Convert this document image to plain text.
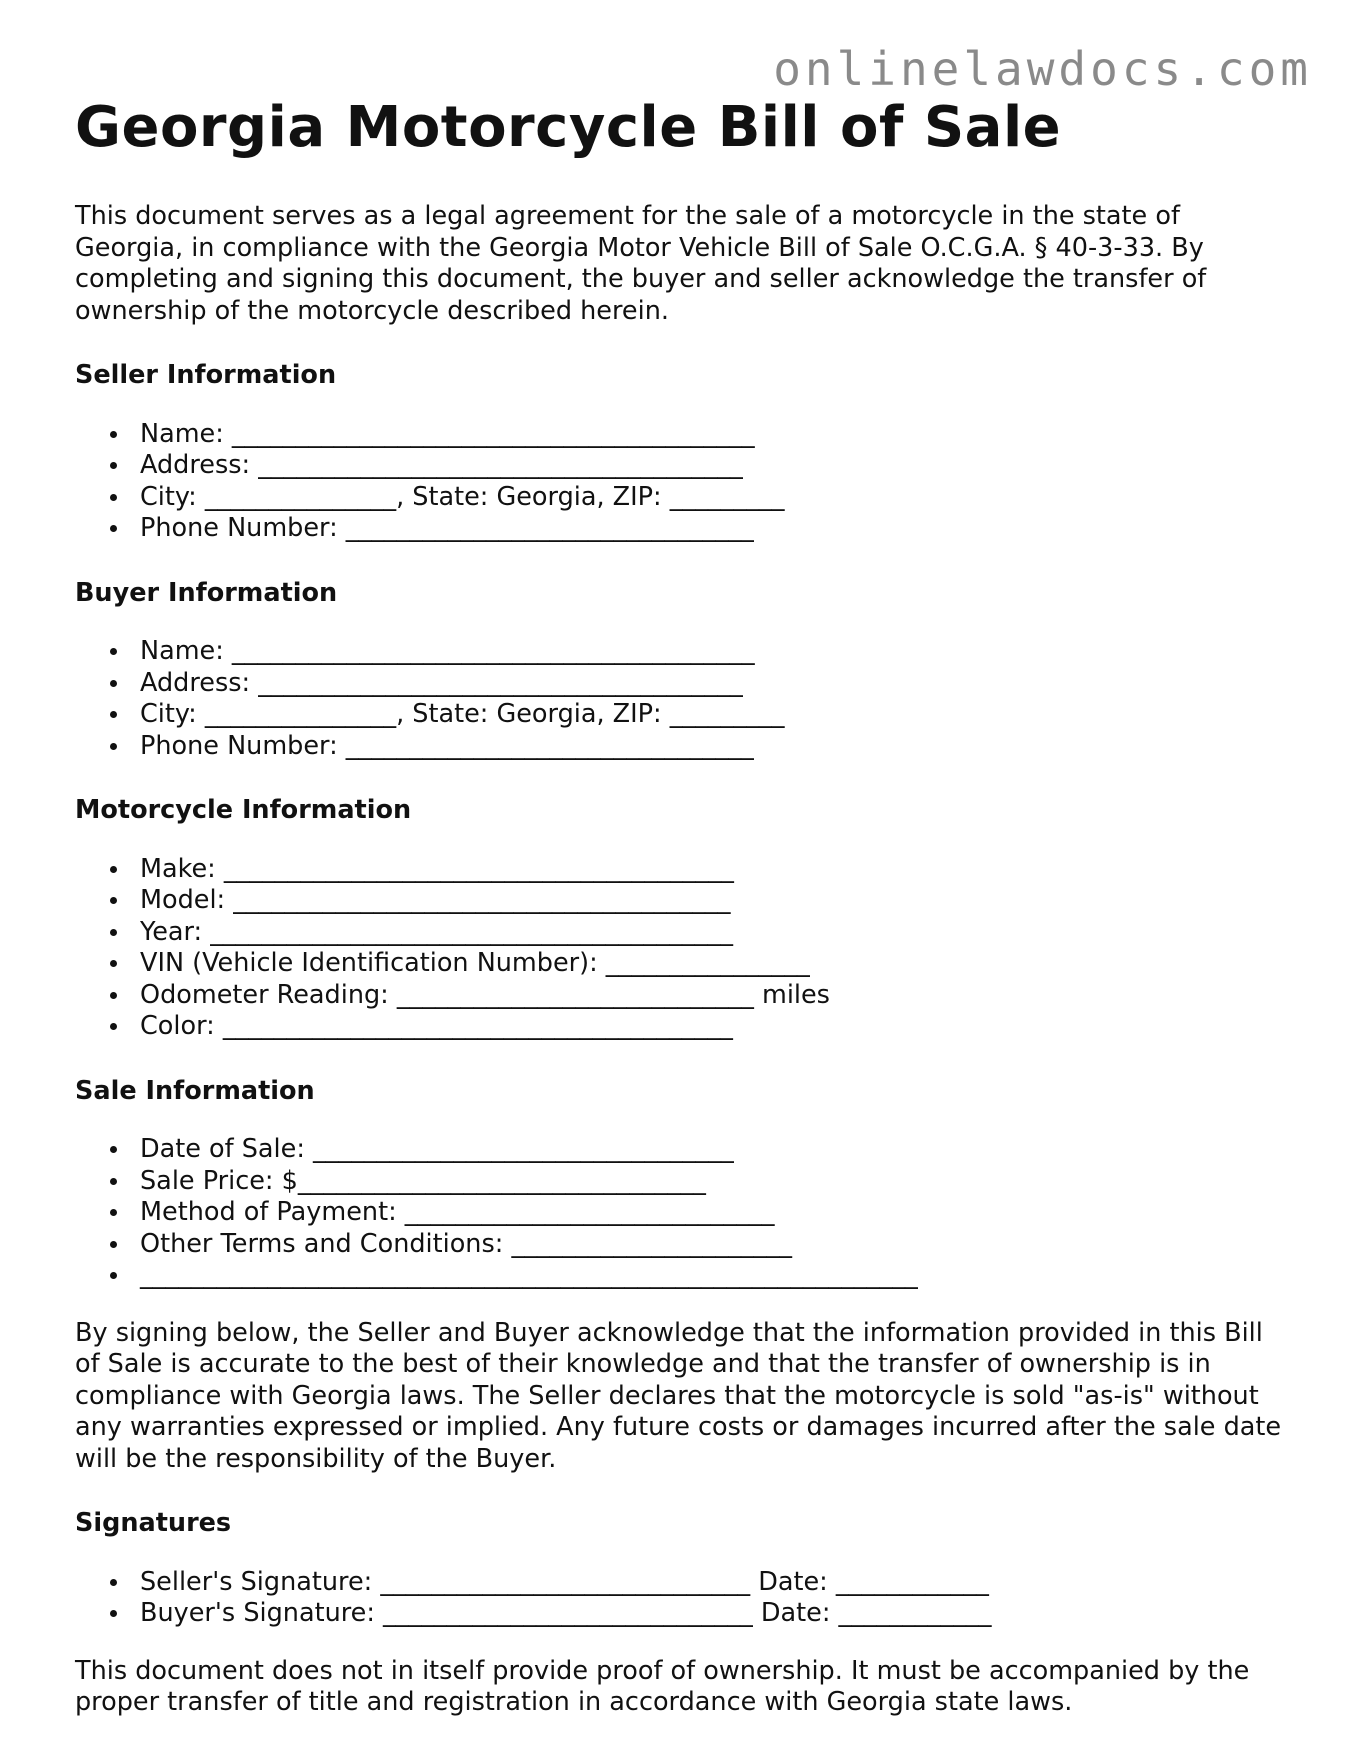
onlinelawdocs.com
Georgia Motorcycle Bill of Sale

This document serves as a legal agreement for the sale of a motorcycle in the state of Georgia, in compliance with the Georgia Motor Vehicle Bill of Sale O.C.G.A. § 40-3-33. By completing and signing this document, the buyer and seller acknowledge the transfer of ownership of the motorcycle described herein.

Seller Information
Name: _________________________________________
Address: ______________________________________
City: _______________, State: Georgia, ZIP: _________
Phone Number: ________________________________
Buyer Information
Name: _________________________________________
Address: ______________________________________
City: _______________, State: Georgia, ZIP: _________
Phone Number: ________________________________
Motorcycle Information
Make: ________________________________________
Model: _______________________________________
Year: _________________________________________
VIN (Vehicle Identification Number): ________________
Odometer Reading: ____________________________ miles
Color: ________________________________________
Sale Information
Date of Sale: _________________________________
Sale Price: $________________________________
Method of Payment: _____________________________
Other Terms and Conditions: ______________________
_____________________________________________________________

By signing below, the Seller and Buyer acknowledge that the information provided in this Bill of Sale is accurate to the best of their knowledge and that the transfer of ownership is in compliance with Georgia laws. The Seller declares that the motorcycle is sold "as-is" without any warranties expressed or implied. Any future costs or damages incurred after the sale date will be the responsibility of the Buyer.

Signatures
Seller's Signature: _____________________________ Date: ____________
Buyer's Signature: _____________________________ Date: ____________

This document does not in itself provide proof of ownership. It must be accompanied by the proper transfer of title and registration in accordance with Georgia state laws.
